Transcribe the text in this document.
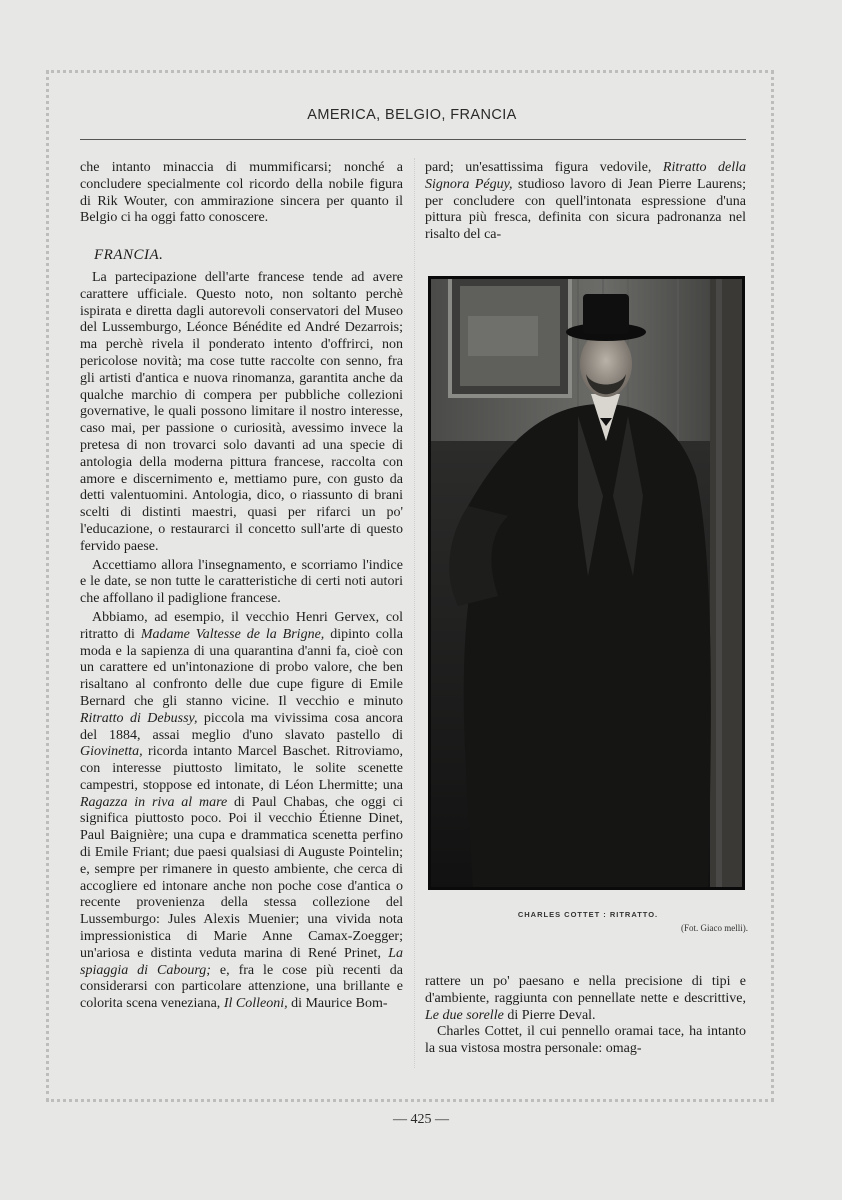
AMERICA, BELGIO, FRANCIA

che intanto minaccia di mummificarsi; nonché a concludere specialmente col ricordo della nobile figura di Rik Wouter, con ammirazione sincera per quanto il Belgio ci ha oggi fatto conoscere.

FRANCIA.

La partecipazione dell'arte francese tende ad avere carattere ufficiale. Questo noto, non soltanto perchè ispirata e diretta dagli autorevoli conservatori del Museo del Lussemburgo, Léonce Bénédite ed André Dezarrois; ma perchè rivela il ponderato intento d'offrirci, non pericolose novità; ma cose tutte raccolte con senno, fra gli artisti d'antica e nuova rinomanza, garantita anche da qualche marchio di compera per pubbliche collezioni governative, le quali possono limitare il nostro interesse, caso mai, per passione o curiosità, avessimo invece la pretesa di non trovarci solo davanti ad una specie di antologia della moderna pittura francese, raccolta con amore e discernimento e, mettiamo pure, con gusto da detti valentuomini. Antologia, dico, o riassunto di brani scelti di distinti maestri, quasi per rifarci un po' l'educazione, o restaurarci il concetto sull'arte di questo fervido paese.

Accettiamo allora l'insegnamento, e scorriamo l'indice e le date, se non tutte le caratteristiche di certi noti autori che affollano il padiglione francese.

Abbiamo, ad esempio, il vecchio Henri Gervex, col ritratto di Madame Valtesse de la Brigne, dipinto colla moda e la sapienza di una quarantina d'anni fa, cioè con un carattere ed un'intonazione di probo valore, che ben risaltano al confronto delle due cupe figure di Emile Bernard che gli stanno vicine. Il vecchio e minuto Ritratto di Debussy, piccola ma vivissima cosa ancora del 1884, assai meglio d'uno slavato pastello di Giovinetta, ricorda intanto Marcel Baschet. Ritroviamo, con interesse piuttosto limitato, le solite scenette campestri, stoppose ed intonate, di Léon Lhermitte; una Ragazza in riva al mare di Paul Chabas, che oggi ci significa piuttosto poco. Poi il vecchio Étienne Dinet, Paul Baignière; una cupa e drammatica scenetta perfino di Emile Friant; due paesi qualsiasi di Auguste Pointelin; e, sempre per rimanere in questo ambiente, che cerca di accogliere ed intonare anche non poche cose d'antica o recente provenienza della stessa collezione del Lussemburgo: Jules Alexis Muenier; una vivida nota impressionistica di Marie Anne Camax-Zoegger; un'ariosa e distinta veduta marina di René Prinet, La spiaggia di Cabourg; e, fra le cose più recenti da considerarsi con particolare attenzione, una brillante e colorita scena veneziana, Il Colleoni, di Maurice Bom-

pard; un'esattissima figura vedovile, Ritratto della Signora Péguy, studioso lavoro di Jean Pierre Laurens; per concludere con quell'intonata espressione d'una pittura più fresca, definita con sicura padronanza nel risalto del ca-

CHARLES COTTET : RITRATTO.
(Fot. Giaco melli).

rattere un po' paesano e nella precisione di tipi e d'ambiente, raggiunta con pennellate nette e descrittive, Le due sorelle di Pierre Deval.

Charles Cottet, il cui pennello oramai tace, ha intanto la sua vistosa mostra personale: omag-

— 425 —
